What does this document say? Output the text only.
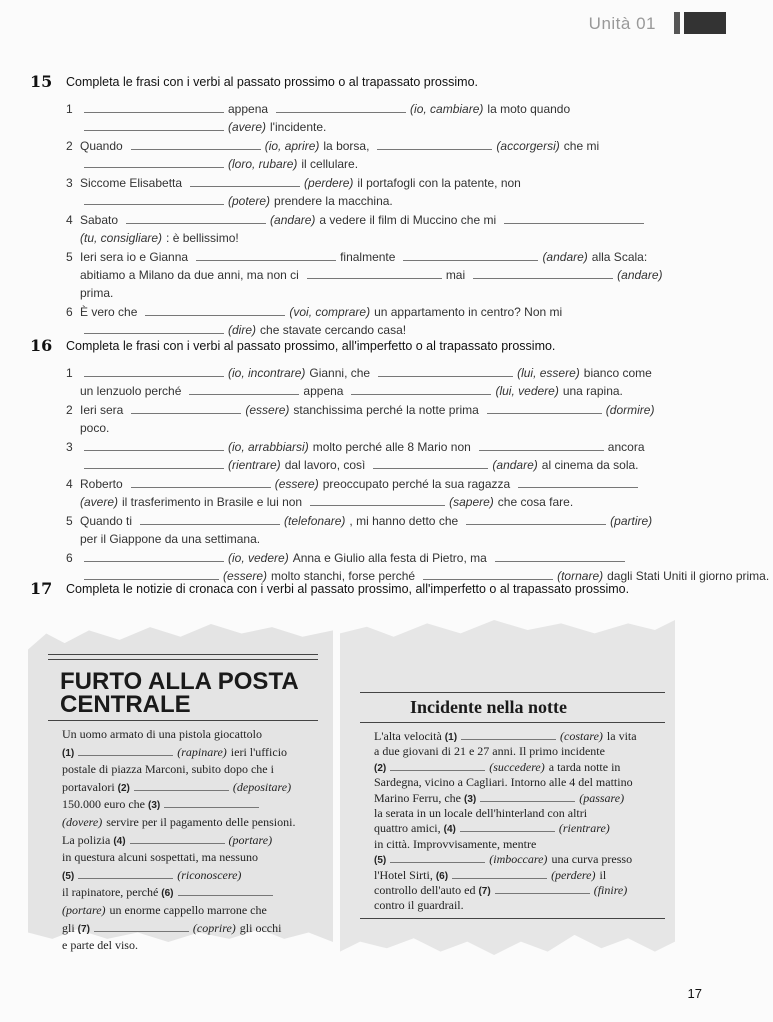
Unità 01
15 Completa le frasi con i verbi al passato prossimo o al trapassato prossimo.
1	appena	(io, cambiare) la moto quando
(avere) l'incidente.
2 Quando	(io, aprire) la borsa,	(accorgersi) che mi
(loro, rubare) il cellulare.
3 Siccome Elisabetta	(perdere) il portafogli con la patente, non
(potere) prendere la macchina.
4 Sabato	(andare) a vedere il film di Muccino che mi
(tu, consigliare) : è bellissimo!
5 Ieri sera io e Gianna	finalmente	(andare) alla Scala:
abitiamo a Milano da due anni, ma non ci	mai	(andare)
prima.
6 È vero che	(voi, comprare) un appartamento in centro? Non mi
(dire) che stavate cercando casa!
16 Completa le frasi con i verbi al passato prossimo, all'imperfetto o al trapassato prossimo.
1	(io, incontrare) Gianni, che	(lui, essere) bianco come
un lenzuolo perché	appena	(lui, vedere) una rapina.
2 Ieri sera	(essere) stanchissima perché la notte prima	(dormire)
poco.
3	(io, arrabbiarsi) molto perché alle 8 Mario non	ancora
(rientrare) dal lavoro, così	(andare) al cinema da sola.
4 Roberto	(essere) preoccupato perché la sua ragazza
(avere) il trasferimento in Brasile e lui non	(sapere) che cosa fare.
5 Quando ti	(telefonare) , mi hanno detto che	(partire)
per il Giappone da una settimana.
6	(io, vedere) Anna e Giulio alla festa di Pietro, ma
(essere) molto stanchi, forse perché	(tornare) dagli Stati Uniti il giorno prima.
17 Completa le notizie di cronaca con i verbi al passato prossimo, all'imperfetto o al trapassato prossimo.
FURTO ALLA POSTA
CENTRALE	Incidente nella notte
Un uomo armato di una pistola giocattolo
(1)	(rapinare) ieri l'ufficio
postale di piazza Marconi, subito dopo che i
portavalori (2)	(depositare)
150.000 euro che (3)
(dovere) servire per il pagamento delle pensioni.
La polizia (4)	(portare)
in questura alcuni sospettati, ma nessuno
(5)	(riconoscere)
il rapinatore, perché (6)
(portare) un enorme cappello marrone che
gli (7)	(coprire) gli occhi
e parte del viso.
L'alta velocità (1)	(costare) la vita
a due giovani di 21 e 27 anni. Il primo incidente
(2)	(succedere) a tarda notte in
Sardegna, vicino a Cagliari. Intorno alle 4 del mattino
Marino Ferru, che (3)	(passare)
la serata in un locale dell'hinterland con altri
quattro amici, (4)	(rientrare)
in città. Improvvisamente, mentre
(5)	(imboccare) una curva presso
l'Hotel Sirti, (6)	(perdere) il
controllo dell'auto ed (7)	(finire)
contro il guardrail.
17
